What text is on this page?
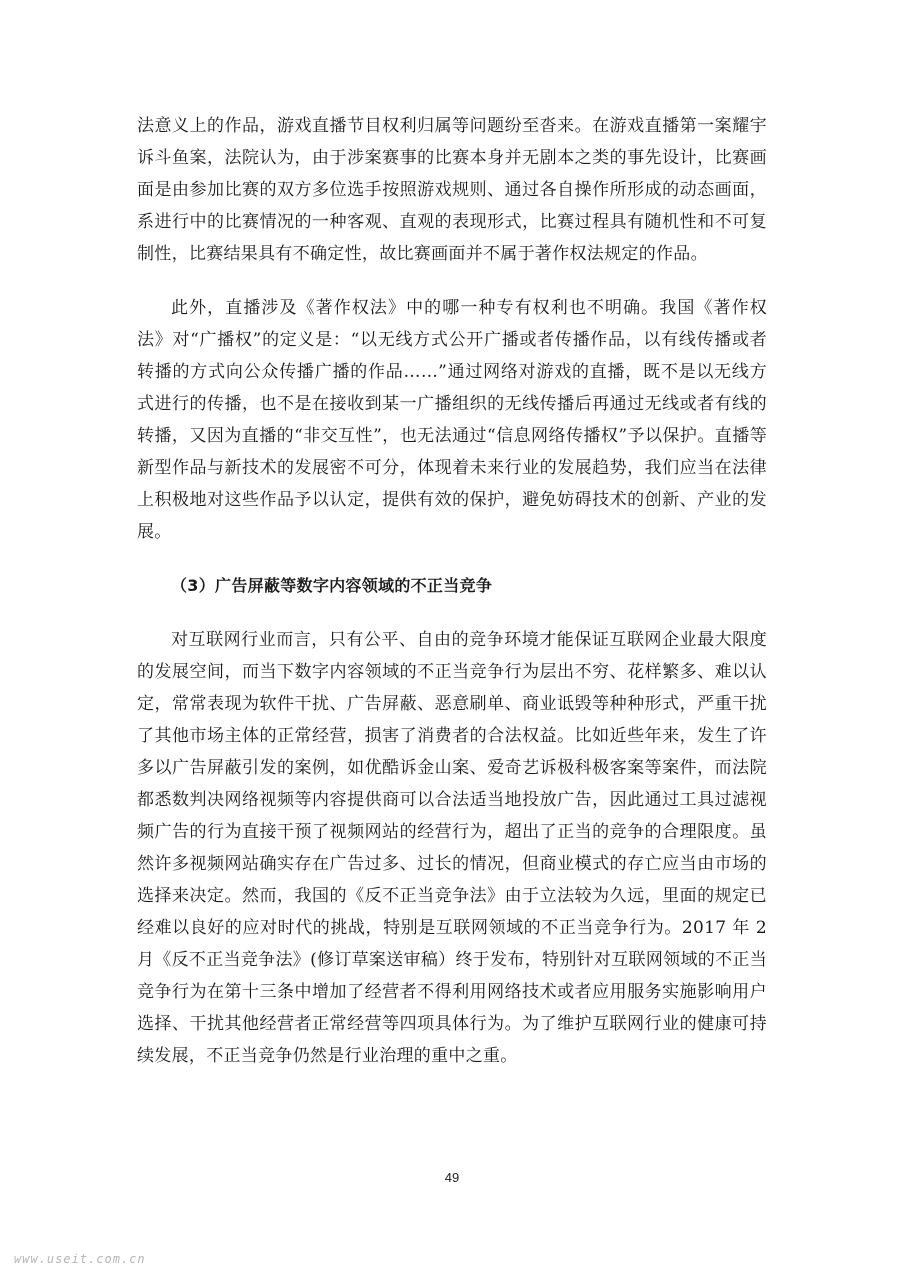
法意义上的作品，游戏直播节目权利归属等问题纷至沓来。在游戏直播第一案耀宇诉斗鱼案，法院认为，由于涉案赛事的比赛本身并无剧本之类的事先设计，比赛画面是由参加比赛的双方多位选手按照游戏规则、通过各自操作所形成的动态画面，系进行中的比赛情况的一种客观、直观的表现形式，比赛过程具有随机性和不可复制性，比赛结果具有不确定性，故比赛画面并不属于著作权法规定的作品。

此外，直播涉及《著作权法》中的哪一种专有权利也不明确。我国《著作权法》对“广播权”的定义是：“以无线方式公开广播或者传播作品，以有线传播或者转播的方式向公众传播广播的作品……”通过网络对游戏的直播，既不是以无线方式进行的传播，也不是在接收到某一广播组织的无线传播后再通过无线或者有线的转播，又因为直播的“非交互性”，也无法通过“信息网络传播权”予以保护。直播等新型作品与新技术的发展密不可分，体现着未来行业的发展趋势，我们应当在法律上积极地对这些作品予以认定，提供有效的保护，避免妨碍技术的创新、产业的发展。

（3）广告屏蔽等数字内容领域的不正当竞争

对互联网行业而言，只有公平、自由的竞争环境才能保证互联网企业最大限度的发展空间，而当下数字内容领域的不正当竞争行为层出不穷、花样繁多、难以认定，常常表现为软件干扰、广告屏蔽、恶意刷单、商业诋毁等种种形式，严重干扰了其他市场主体的正常经营，损害了消费者的合法权益。比如近些年来，发生了许多以广告屏蔽引发的案例，如优酷诉金山案、爱奇艺诉极科极客案等案件，而法院都悉数判决网络视频等内容提供商可以合法适当地投放广告，因此通过工具过滤视频广告的行为直接干预了视频网站的经营行为，超出了正当的竞争的合理限度。虽然许多视频网站确实存在广告过多、过长的情况，但商业模式的存亡应当由市场的选择来决定。然而，我国的《反不正当竞争法》由于立法较为久远，里面的规定已经难以良好的应对时代的挑战，特别是互联网领域的不正当竞争行为。2017 年 2 月《反不正当竞争法》(修订草案送审稿）终于发布，特别针对互联网领域的不正当竞争行为在第十三条中增加了经营者不得利用网络技术或者应用服务实施影响用户选择、干扰其他经营者正常经营等四项具体行为。为了维护互联网行业的健康可持续发展，不正当竞争仍然是行业治理的重中之重。

49
www.useit.com.cn
